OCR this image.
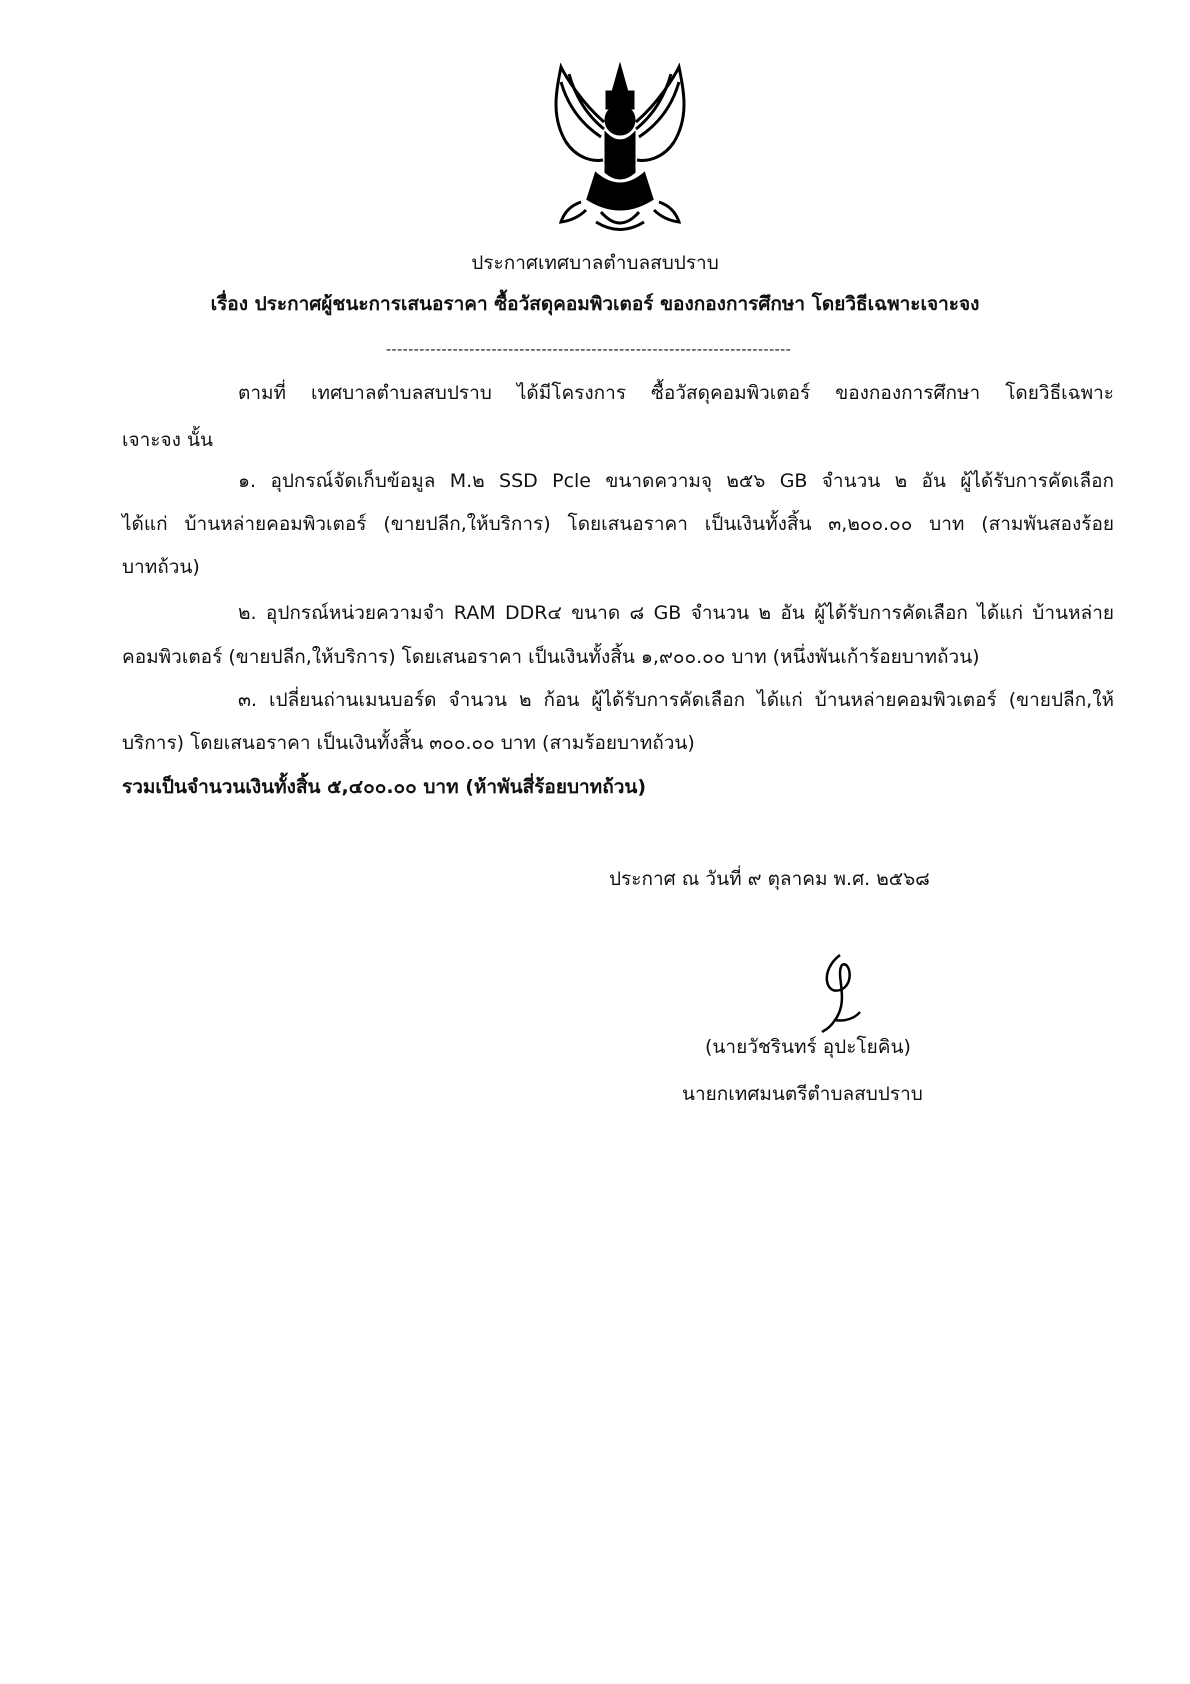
ประกาศเทศบาลตำบลสบปราบ
เรื่อง ประกาศผู้ชนะการเสนอราคา ซื้อวัสดุคอมพิวเตอร์ ของกองการศึกษา โดยวิธีเฉพาะเจาะจง
-------------------------------------------------------------------------
ตามที่ เทศบาลตำบลสบปราบ ได้มีโครงการ ซื้อวัสดุคอมพิวเตอร์ ของกองการศึกษา โดยวิธีเฉพาะ
เจาะจง นั้น
๑. อุปกรณ์จัดเก็บข้อมูล M.๒ SSD Pcle ขนาดความจุ ๒๕๖ GB จำนวน ๒ อัน ผู้ได้รับการคัดเลือก
ได้แก่ บ้านหล่ายคอมพิวเตอร์ (ขายปลีก,ให้บริการ) โดยเสนอราคา เป็นเงินทั้งสิ้น ๓,๒๐๐.๐๐ บาท (สามพันสองร้อย
บาทถ้วน)
๒. อุปกรณ์หน่วยความจำ RAM DDR๔ ขนาด ๘ GB จำนวน ๒ อัน ผู้ได้รับการคัดเลือก ได้แก่ บ้านหล่าย
คอมพิวเตอร์ (ขายปลีก,ให้บริการ) โดยเสนอราคา เป็นเงินทั้งสิ้น ๑,๙๐๐.๐๐ บาท (หนึ่งพันเก้าร้อยบาทถ้วน)
๓. เปลี่ยนถ่านเมนบอร์ด จำนวน ๒ ก้อน ผู้ได้รับการคัดเลือก ได้แก่ บ้านหล่ายคอมพิวเตอร์ (ขายปลีก,ให้
บริการ) โดยเสนอราคา เป็นเงินทั้งสิ้น ๓๐๐.๐๐ บาท (สามร้อยบาทถ้วน)
รวมเป็นจำนวนเงินทั้งสิ้น ๕,๔๐๐.๐๐ บาท (ห้าพันสี่ร้อยบาทถ้วน)
ประกาศ ณ วันที่ ๙ ตุลาคม พ.ศ. ๒๕๖๘
(นายวัชรินทร์ อุปะโยคิน)
นายกเทศมนตรีตำบลสบปราบ
